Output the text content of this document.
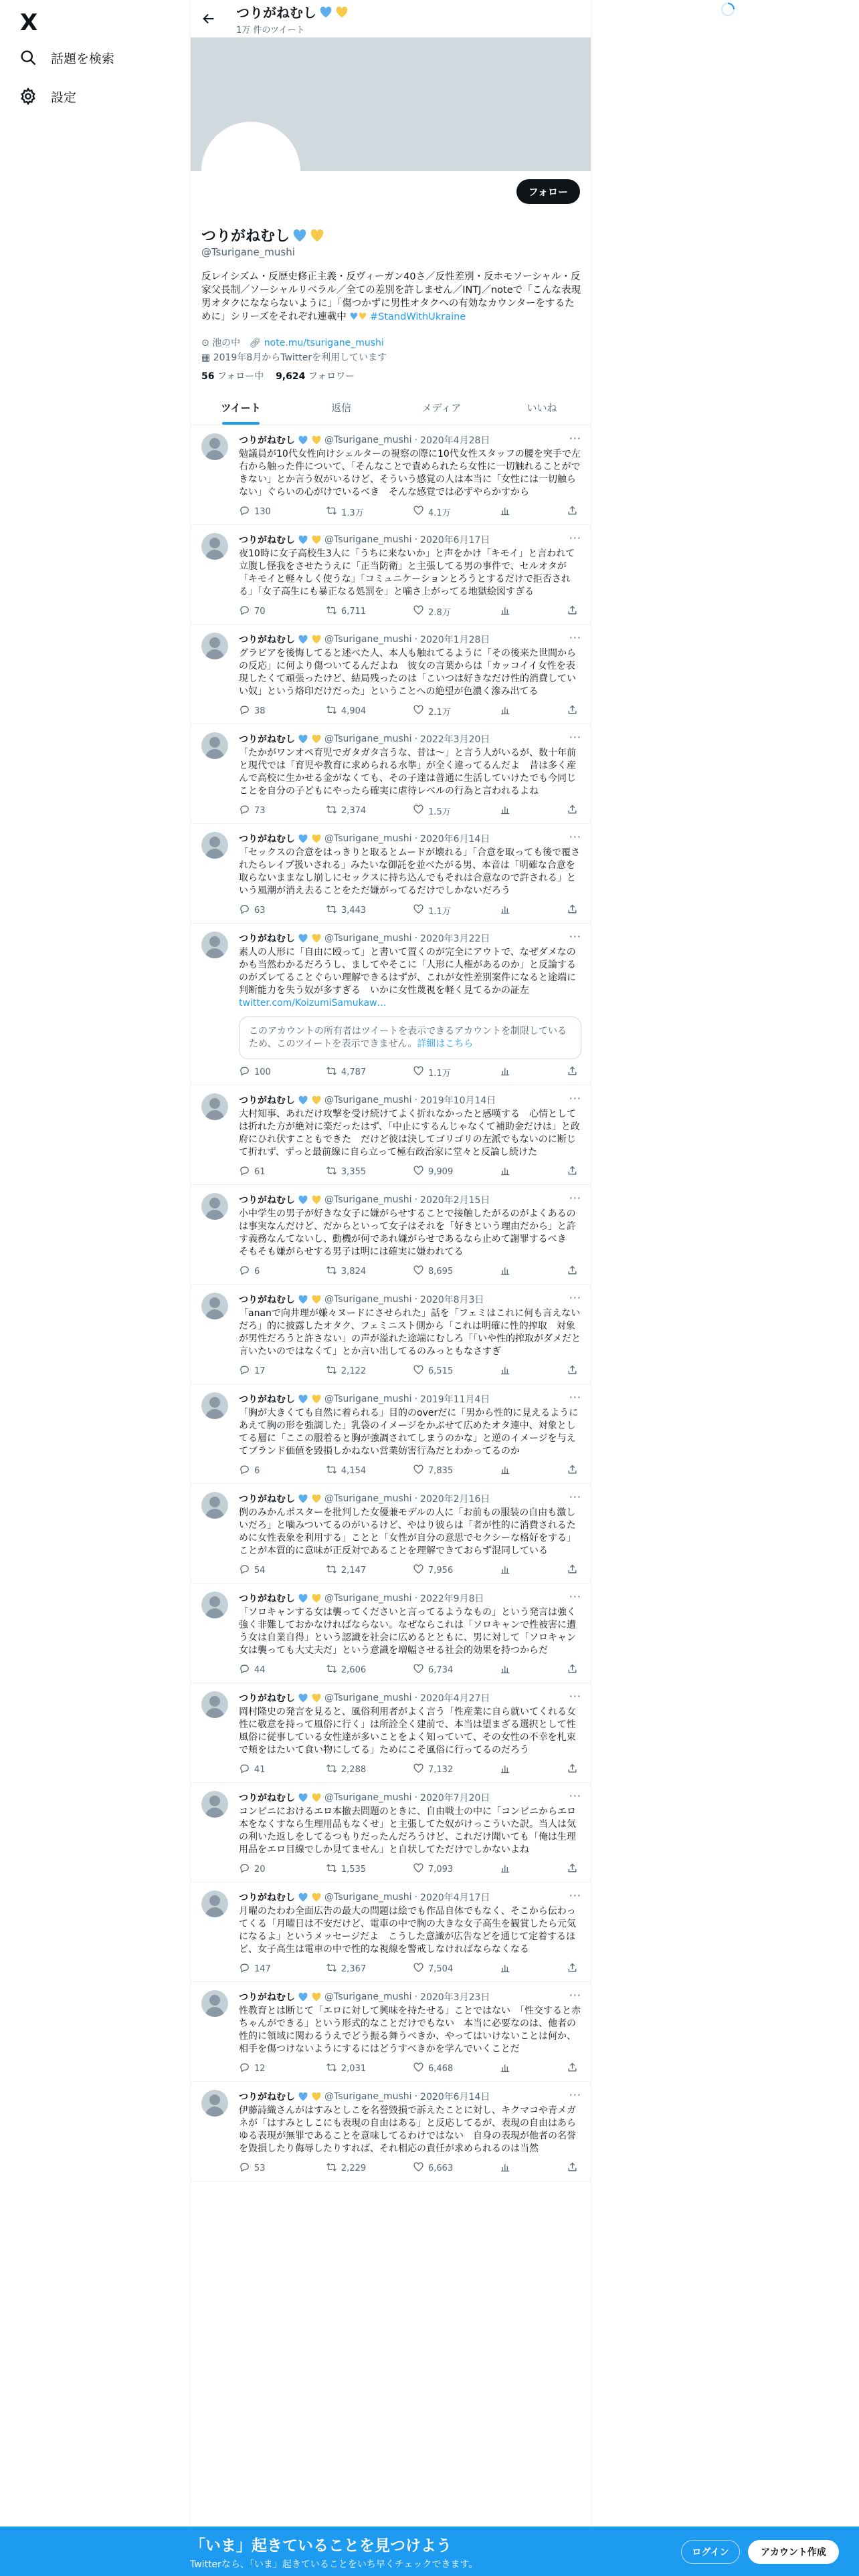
X
話題を検索
設定
つりがねむし
1万 件のツイート
フォロー
つりがねむし
@Tsurigane_mushi
反レイシズム・反歴史修正主義・反ヴィーガン40さ／反性差別・反ホモソーシャル・反家父長制／ソーシャルリベラル／全ての差別を許しません／INTJ／noteで「こんな表現男オタクになならないように」「傷つかずに男性オタクへの有効なカウンターをするために」シリーズをそれぞれ連載中 ♥♥ #StandWithUkraine
⊙ 池の中 🔗︎ note.mu/tsurigane_mushi
▦ 2019年8月からTwitterを利用しています
56 フォロー中 9,624 フォロワー
ツイート	返信	メディア	いいね
···
つりがねむし	@Tsurigane_mushi · 2020年4月28日
勉議員が10代女性向けシェルターの視察の際に10代女性スタッフの腰を突手で左右から触った件について、「そんなことで責められたら女性に一切触れることができない」とか言う奴がいるけど、そういう感覚の人は本当に「女性には一切触らない」ぐらいの心がけでいるべき　そんな感覚では必ずやらかすから
130	1.3万	4.1万
···
つりがねむし	@Tsurigane_mushi · 2020年6月17日
夜10時に女子高校生3人に「うちに来ないか」と声をかけ「キモイ」と言われて立腹し怪我をさせたうえに「正当防衛」と主張してる男の事件で、セルオタが「キモイと軽々しく使うな」「コミュニケーションとろうとするだけで拒否される」「女子高生にも暴正なる処罰を」と噛さ上がってる地獄絵図すぎる
70	6,711	2.8万
···
つりがねむし	@Tsurigane_mushi · 2020年1月28日
グラビアを後悔してると述べた人、本人も触れてるように「その後来た世間からの反応」に何より傷ついてるんだよね　彼女の言葉からは「カッコイイ女性を表現したくて頑張ったけど、結局残ったのは「こいつは好きなだけ性的消費していい奴」という烙印だけだった」ということへの絶望が色濃く滲み出てる
38	4,904	2.1万
···
つりがねむし	@Tsurigane_mushi · 2022年3月20日
「たかがワンオペ育児でガタガタ言うな、昔は〜」と言う人がいるが、数十年前と現代では「育児や教育に求められる水準」が全く違ってるんだよ　昔は多く産んで高校に生かせる金がなくても、その子達は普通に生活していけたでも今同じことを自分の子どもにやったら確実に虐待レベルの行為と言われるよね
73	2,374	1.5万
···
つりがねむし	@Tsurigane_mushi · 2020年6月14日
「セックスの合意をはっきりと取るとムードが壊れる」「合意を取っても後で覆されたらレイプ扱いされる」みたいな御託を並べたがる男、本音は「明確な合意を取らないままなし崩しにセックスに持ち込んでもそれは合意なので許される」という風潮が消え去ることをただ嫌がってるだけでしかないだろう
63	3,443	1.1万
···
つりがねむし	@Tsurigane_mushi · 2020年3月22日
素人の人形に「自由に殴って」と書いて置くのが完全にアウトで、なぜダメなのかも当然わかるだろうし、ましてやそこに「人形に人権があるのか」と反論するのがズレてることぐらい理解できるはずが、これが女性差別案件になると途端に判断能力を失う奴が多すぎる　いかに女性蔑視を軽く見てるかの証左 twitter.com/KoizumiSamukaw…
このアカウントの所有者はツイートを表示できるアカウントを制限しているため、このツイートを表示できません。詳細はこちら
100	4,787	1.1万
···
つりがねむし	@Tsurigane_mushi · 2019年10月14日
大村知事、あれだけ攻撃を受け続けてよく折れなかったと感嘆する　心情としては折れた方が絶対に楽だったはず、「中止にするんじゃなくて補助金だけは」と政府にひれ伏すこともできた　だけど彼は決してゴリゴリの左派でもないのに断じて折れず、ずっと最前線に自ら立って極右政治家に堂々と反論し続けた
61	3,355	9,909
···
つりがねむし	@Tsurigane_mushi · 2020年2月15日
小中学生の男子が好きな女子に嫌がらせすることで接触したがるのがよくあるのは事実なんだけど、だからといって女子はそれを「好きという理由だから」と許す義務なんてないし、動機が何であれ嫌がらせであるなら止めて謝罪するべき　そもそも嫌がらせする男子は明には確実に嫌われてる
6	3,824	8,695
···
つりがねむし	@Tsurigane_mushi · 2020年8月3日
「ananで向井理が嫌々ヌードにさせられた」話を「フェミはこれに何も言えないだろ」的に披露したオタク、フェミニスト側から「これは明確に性的搾取　対象が男性だろうと許さない」の声が溢れた途端にむしろ「「いや性的搾取がダメだと言いたいのではなくて」とか言い出してるのみっともなさすぎ
17	2,122	6,515
···
つりがねむし	@Tsurigane_mushi · 2019年11月4日
「胸が大きくても自然に着られる」目的のoverだに「男から性的に見えるようにあえて胸の形を強調した」乳袋のイメージをかぶせて広めたオタ連中、対象としてる層に「ここの服着ると胸が強調されてしまうのかな」と逆のイメージを与えてブランド価値を毀損しかねない営業妨害行為だとわかってるのか
6	4,154	7,835
···
つりがねむし	@Tsurigane_mushi · 2020年2月16日
例のみかんポスターを批判した女優兼モデルの人に「お前もの服装の自由も激しいだろ」と噛みついてるのがいるけど、やはり彼らは「者が性的に消費されるために女性表象を利用する」ことと「女性が自分の意思でセクシーな格好をする」ことが本質的に意味が正反対であることを理解できておらず混同している
54	2,147	7,956
···
つりがねむし	@Tsurigane_mushi · 2022年9月8日
「ソロキャンする女は襲ってくださいと言ってるようなもの」という発言は強く強く非難しておかなければならない。なぜならこれは「ソロキャンで性被害に遭う女は自業自得」という認識を社会に広めるとともに、男に対して「ソロキャン女は襲っても大丈夫だ」という意識を増幅させる社会的効果を持つからだ
44	2,606	6,734
···
つりがねむし	@Tsurigane_mushi · 2020年4月27日
岡村隆史の発言を見ると、風俗利用者がよく言う「性産業に自ら就いてくれる女性に敬意を持って風俗に行く」は所詮全く建前で、本当は望まざる選択として性風俗に従事している女性達が多いことをよく知っていて、その女性の不幸を札束で頬をはたいて食い物にしてる」ためにこそ風俗に行ってるのだろう
41	2,288	7,132
···
つりがねむし	@Tsurigane_mushi · 2020年7月20日
コンビニにおけるエロ本撤去問題のときに、自由戦士の中に「コンビニからエロ本をなくすなら生理用品もなくせ」と主張してた奴がけっこういた訳。当人は気の利いた返しをしてるつもりだったんだろうけど、これだけ聞いても「俺は生理用品をエロ目線でしか見てません」と自状してただけでしかないよね
20	1,535	7,093
···
つりがねむし	@Tsurigane_mushi · 2020年4月17日
月曜のたわわ全面広告の最大の問題は絵でも作品自体でもなく、そこから伝わってくる「月曜日は不安だけど、電車の中で胸の大きな女子高生を観賞したら元気になるよ」というメッセージだよ　こうした意識が広告などを通じて定着するほど、女子高生は電車の中で性的な視線を警戒しなければならなくなる
147	2,367	7,504
···
つりがねむし	@Tsurigane_mushi · 2020年3月23日
性教育とは断じて「エロに対して興味を持たせる」ことではない　「性交すると赤ちゃんができる」という形式的なことだけでもない　本当に必要なのは、他者の性的に領域に関わるうえでどう振る舞うべきか、やってはいけないことは何か、相手を傷つけないようにするにはどうすべきかを学んでいくことだ
12	2,031	6,468
···
つりがねむし	@Tsurigane_mushi · 2020年6月14日
伊藤詩織さんがはすみとしこを名誉毀損で訴えたことに対し、キクマコや青メガネが「はすみとしこにも表現の自由はある」と反応してるが、表現の自由はあらゆる表現が無罪であることを意味してるわけではない　自身の表現が他者の名誉を毀損したり侮辱したりすれば、それ相応の責任が求められるのは当然
53	2,229	6,663
「いま」起きていることを見つけよう
Twitterなら、「いま」起きていることをいち早くチェックできます。
ログイン	アカウント作成
